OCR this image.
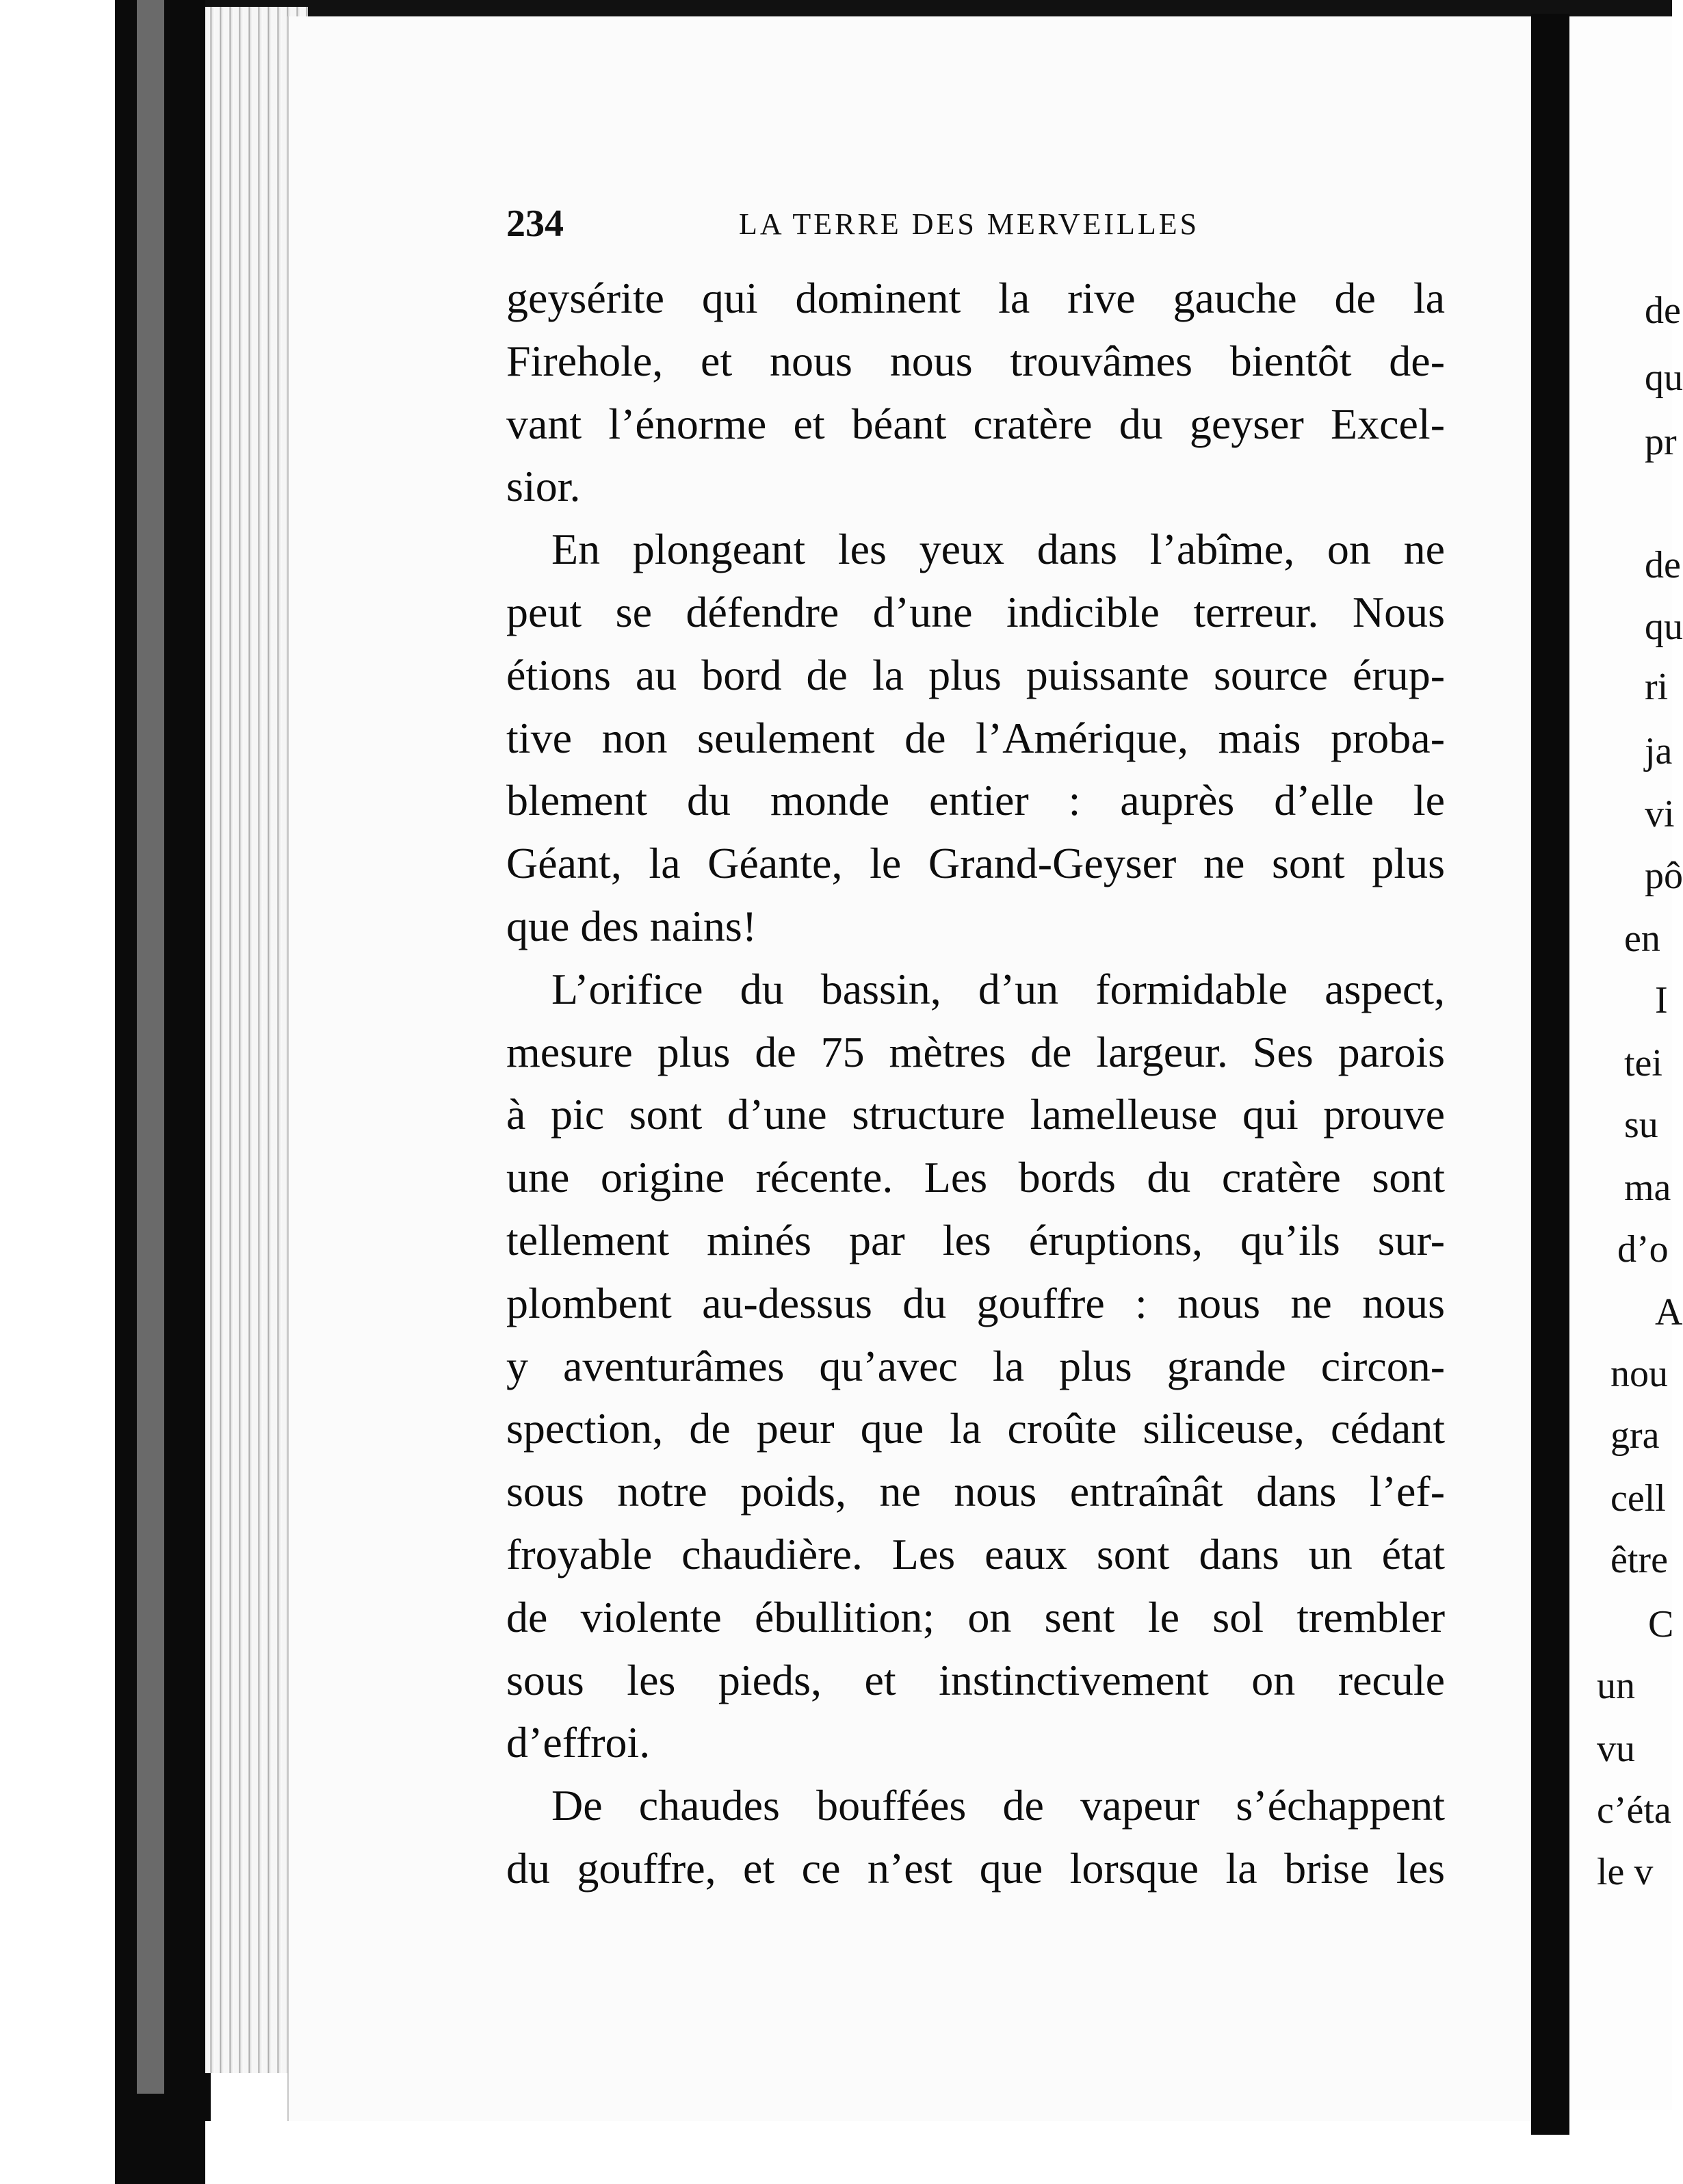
234	LA TERRE DES MERVEILLES
geysérite qui dominent la rive gauche de la
Firehole, et nous nous trouvâmes bientôt de-
vant l’énorme et béant cratère du geyser Excel-
sior.
En plongeant les yeux dans l’abîme, on ne
peut se défendre d’une indicible terreur. Nous
étions au bord de la plus puissante source érup-
tive non seulement de l’Amérique, mais proba-
blement du monde entier : auprès d’elle le
Géant, la Géante, le Grand-Geyser ne sont plus
que des nains!
L’orifice du bassin, d’un formidable aspect,
mesure plus de 75 mètres de largeur. Ses parois
à pic sont d’une structure lamelleuse qui prouve
une origine récente. Les bords du cratère sont
tellement minés par les éruptions, qu’ils sur-
plombent au-dessus du gouffre : nous ne nous
y aventurâmes qu’avec la plus grande circon-
spection, de peur que la croûte siliceuse, cédant
sous notre poids, ne nous entraînât dans l’ef-
froyable chaudière. Les eaux sont dans un état
de violente ébullition; on sent le sol trembler
sous les pieds, et instinctivement on recule
d’effroi.
De chaudes bouffées de vapeur s’échappent
du gouffre, et ce n’est que lorsque la brise les
de
qu
pr
de
qu
ri
ja
vi
pô
en
I
tei
su
ma
d’o
A
nou
gra
cell
être
C
un
vu
c’éta
le v
